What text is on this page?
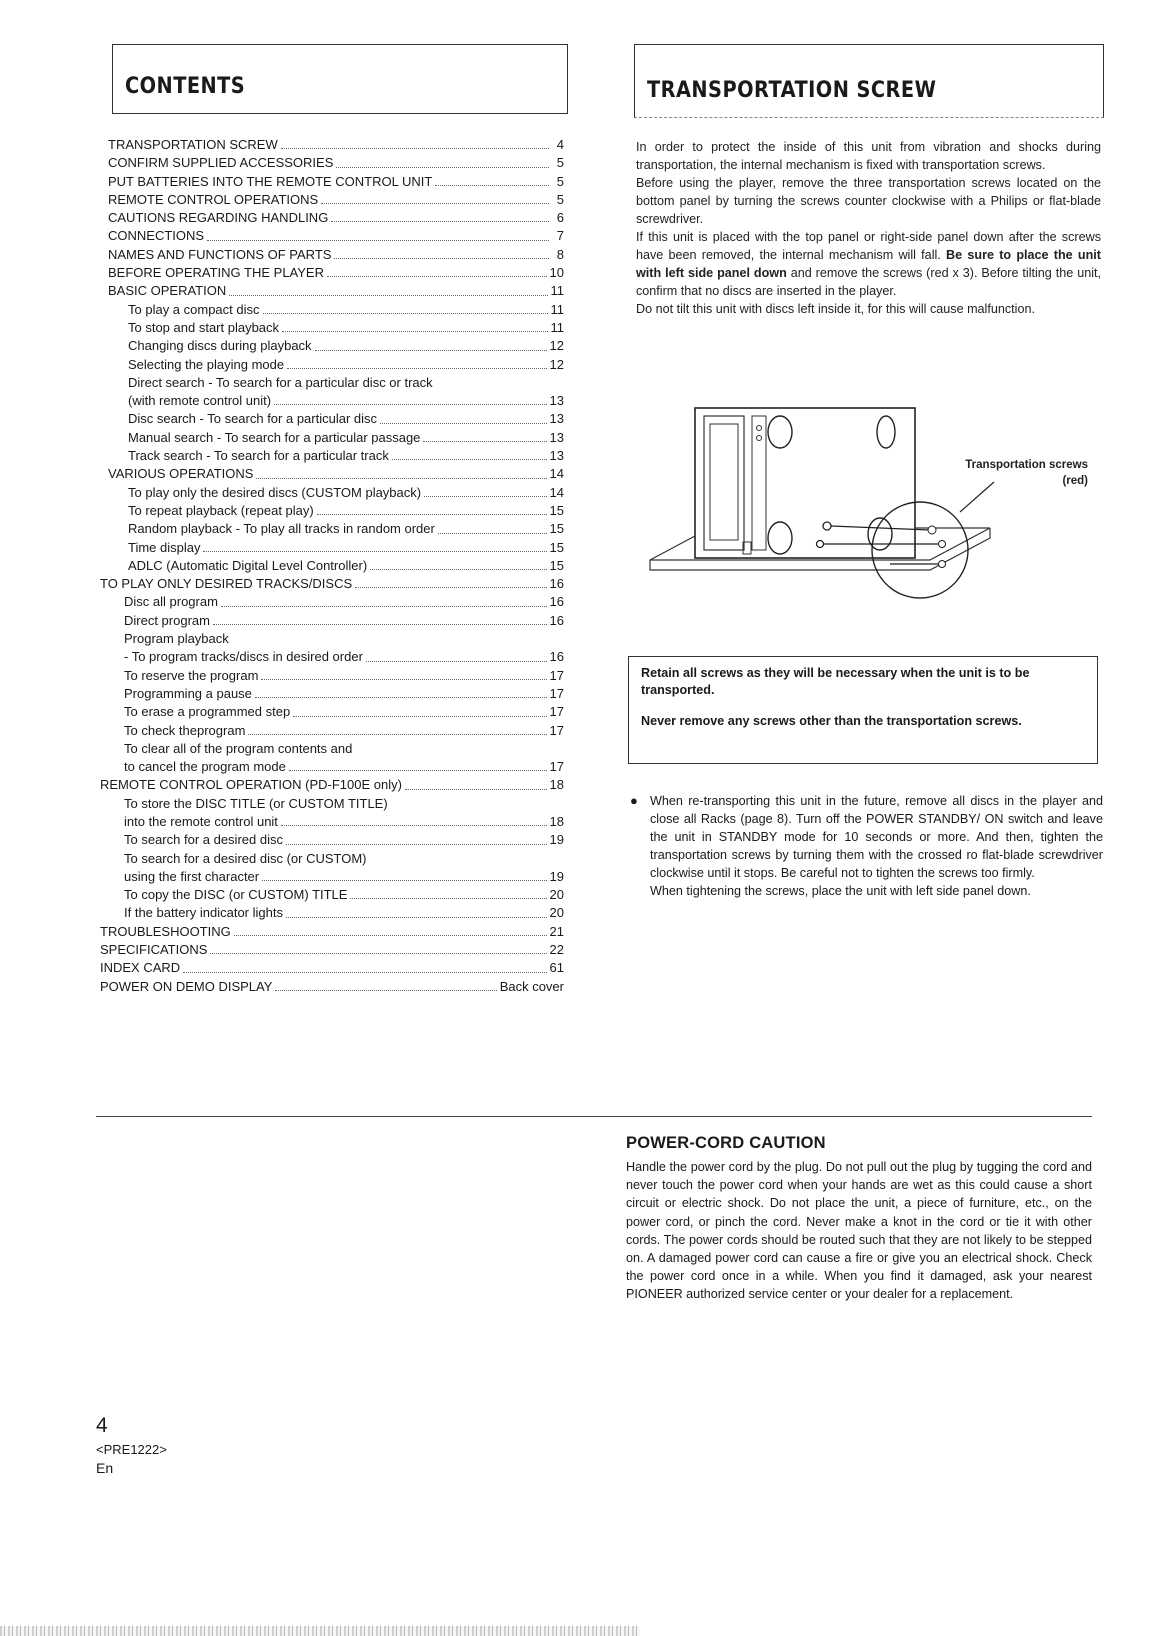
CONTENTS
TRANSPORTATION SCREW	4
CONFIRM SUPPLIED ACCESSORIES	5
PUT BATTERIES INTO THE REMOTE CONTROL UNIT	5
REMOTE CONTROL OPERATIONS	5
CAUTIONS REGARDING HANDLING	6
CONNECTIONS	7
NAMES AND FUNCTIONS OF PARTS	8
BEFORE OPERATING THE PLAYER	10
BASIC OPERATION	11
To play a compact disc	11
To stop and start playback	11
Changing discs during playback	12
Selecting the playing mode	12
Direct search - To search for a particular disc or track
(with remote control unit)	13
Disc search - To search for a particular disc	13
Manual search - To search for a particular passage	13
Track search - To search for a particular track	13
VARIOUS OPERATIONS	14
To play only the desired discs (CUSTOM playback)	14
To repeat playback (repeat play)	15
Random playback - To play all tracks in random order	15
Time display	15
ADLC (Automatic Digital Level Controller)	15
TO PLAY ONLY DESIRED TRACKS/DISCS	16
Disc all program	16
Direct program	16
Program playback
- To program tracks/discs in desired order	16
To reserve the program	17
Programming a pause	17
To erase a programmed step	17
To check theprogram	17
To clear all of the program contents and
to cancel the program mode	17
REMOTE CONTROL OPERATION (PD-F100E only)	18
To store the DISC TITLE (or CUSTOM TITLE)
into the remote control unit	18
To search for a desired disc	19
To search for a desired disc (or CUSTOM)
using the first character	19
To copy the DISC (or CUSTOM) TITLE	20
If the battery indicator lights	20
TROUBLESHOOTING	21
SPECIFICATIONS	22
INDEX CARD	61
POWER ON DEMO DISPLAY	Back cover
TRANSPORTATION SCREW

In order to protect the inside of this unit from vibration and shocks during transportation, the internal mechanism is fixed with transportation screws.

Before using the player, remove the three transportation screws located on the bottom panel by turning the screws counter clockwise with a Philips or flat-blade screwdriver.

If this unit is placed with the top panel or right-side panel down after the screws have been removed, the internal mechanism will fall. Be sure to place the unit with left side panel down and remove the screws (red x 3). Before tilting the unit, confirm that no discs are inserted in the player.

Do not tilt this unit with discs left inside it, for this will cause malfunction.

Transportation screws
(red)

Retain all screws as they will be necessary when the unit is to be transported.

Never remove any screws other than the transportation screws.

● When re-transporting this unit in the future, remove all discs in the player and close all Racks (page 8). Turn off the POWER STANDBY/ ON switch and leave the unit in STANDBY mode for 10 seconds or more. And then, tighten the transportation screws by turning them with the crossed ro flat-blade screwdriver clockwise until it stops. Be careful not to tighten the screws too firmly.

When tightening the screws, place the unit with left side panel down.

POWER-CORD CAUTION
Handle the power cord by the plug. Do not pull out the plug by tugging the cord and never touch the power cord when your hands are wet as this could cause a short circuit or electric shock. Do not place the unit, a piece of furniture, etc., on the power cord, or pinch the cord. Never make a knot in the cord or tie it with other cords. The power cords should be routed such that they are not likely to be stepped on. A damaged power cord can cause a fire or give you an electrical shock. Check the power cord once in a while. When you find it damaged, ask your nearest PIONEER authorized service center or your dealer for a replacement.
4
<PRE1222>
En
